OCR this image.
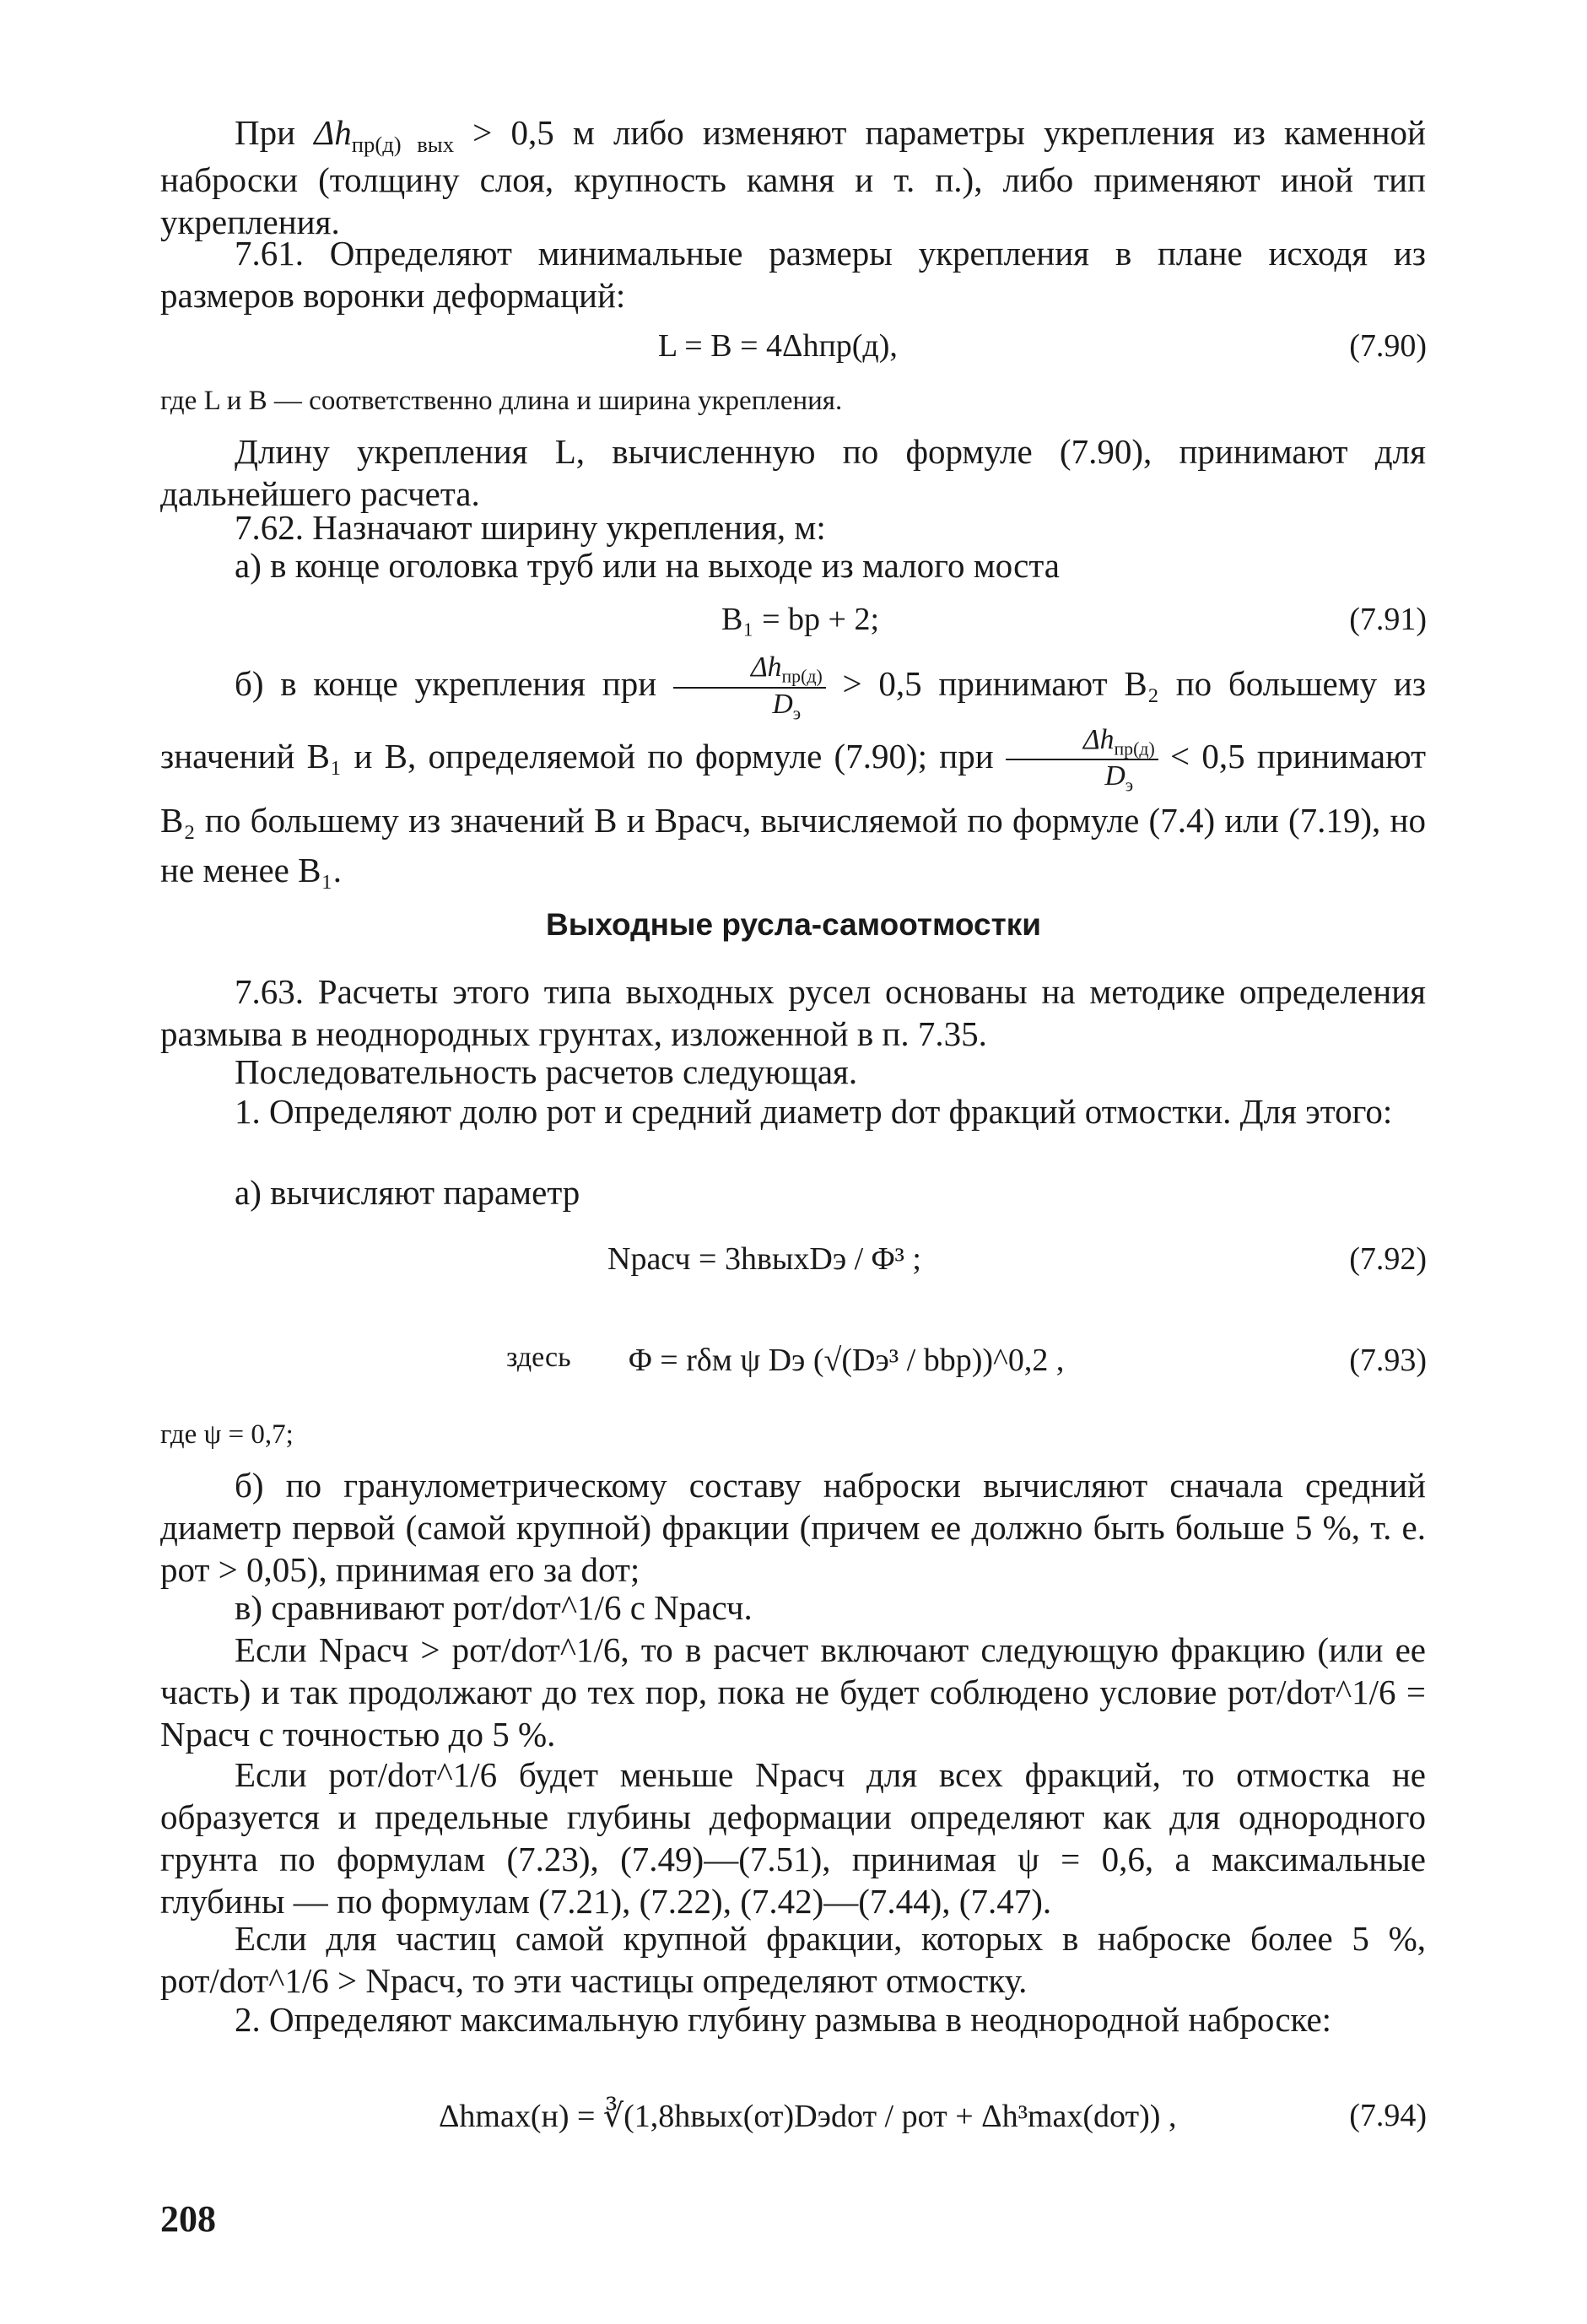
При $\Delta h_{пр(д) вых} > 0,5$ м либо изменяют параметры укрепления из каменной наброски (толщину слоя, крупность камня и т. п.), либо применяют иной тип укрепления.

7.61. Определяют минимальные размеры укрепления в плане исходя из размеров воронки деформаций:

L = B = 4Δhпр(д),	(7.90)

где L и B — соответственно длина и ширина укрепления.

Длину укрепления L, вычисленную по формуле (7.90), принимают для дальнейшего расчета.

7.62. Назначают ширину укрепления, м:

а) в конце оголовка труб или на выходе из малого моста

B₁ = bр + 2;	(7.91)

б) в конце укрепления при $\frac{\Delta h_{пр(д)}}{D_э} > 0,5$ принимают B₂ по большему из значений B₁ и B, определяемой по формуле (7.90); при $\frac{\Delta h_{пр(д)}}{D_э} < 0,5$ принимают B₂ по большему из значений B и Bрасч, вычисляемой по формуле (7.4) или (7.19), но не менее B₁.

Выходные русла-самоотмостки

7.63. Расчеты этого типа выходных русел основаны на методике определения размыва в неоднородных грунтах, изложенной в п. 7.35.

Последовательность расчетов следующая.

1. Определяют долю pот и средний диаметр dот фракций отмостки. Для этого:

а) вычисляют параметр

Nрасч = 3hвыхDэ / Φ³ ;	(7.92)
здесь Φ = rδм ψ Dэ (√(Dэ³ / bbр))^0,2 ,	(7.93)

где ψ = 0,7;

б) по гранулометрическому составу наброски вычисляют сначала средний диаметр первой (самой крупной) фракции (причем ее должно быть больше 5 %, т. е. pот > 0,05), принимая его за dот;

в) сравнивают pот/dот^1/6 с Nрасч.

Если Nрасч > pот/dот^1/6, то в расчет включают следующую фракцию (или ее часть) и так продолжают до тех пор, пока не будет соблюдено условие pот/dот^1/6 = Nрасч с точностью до 5 %.

Если pот/dот^1/6 будет меньше Nрасч для всех фракций, то отмостка не образуется и предельные глубины деформации определяют как для однородного грунта по формулам (7.23), (7.49)—(7.51), принимая ψ = 0,6, а максимальные глубины — по формулам (7.21), (7.22), (7.42)—(7.44), (7.47).

Если для частиц самой крупной фракции, которых в наброске более 5 %, pот/dот^1/6 > Nрасч, то эти частицы определяют отмостку.

2. Определяют максимальную глубину размыва в неоднородной наброске:

Δhmax(н) = ∛(1,8hвых(от)Dэdот / pот + Δh³max(dот)) ,	(7.94)
208
